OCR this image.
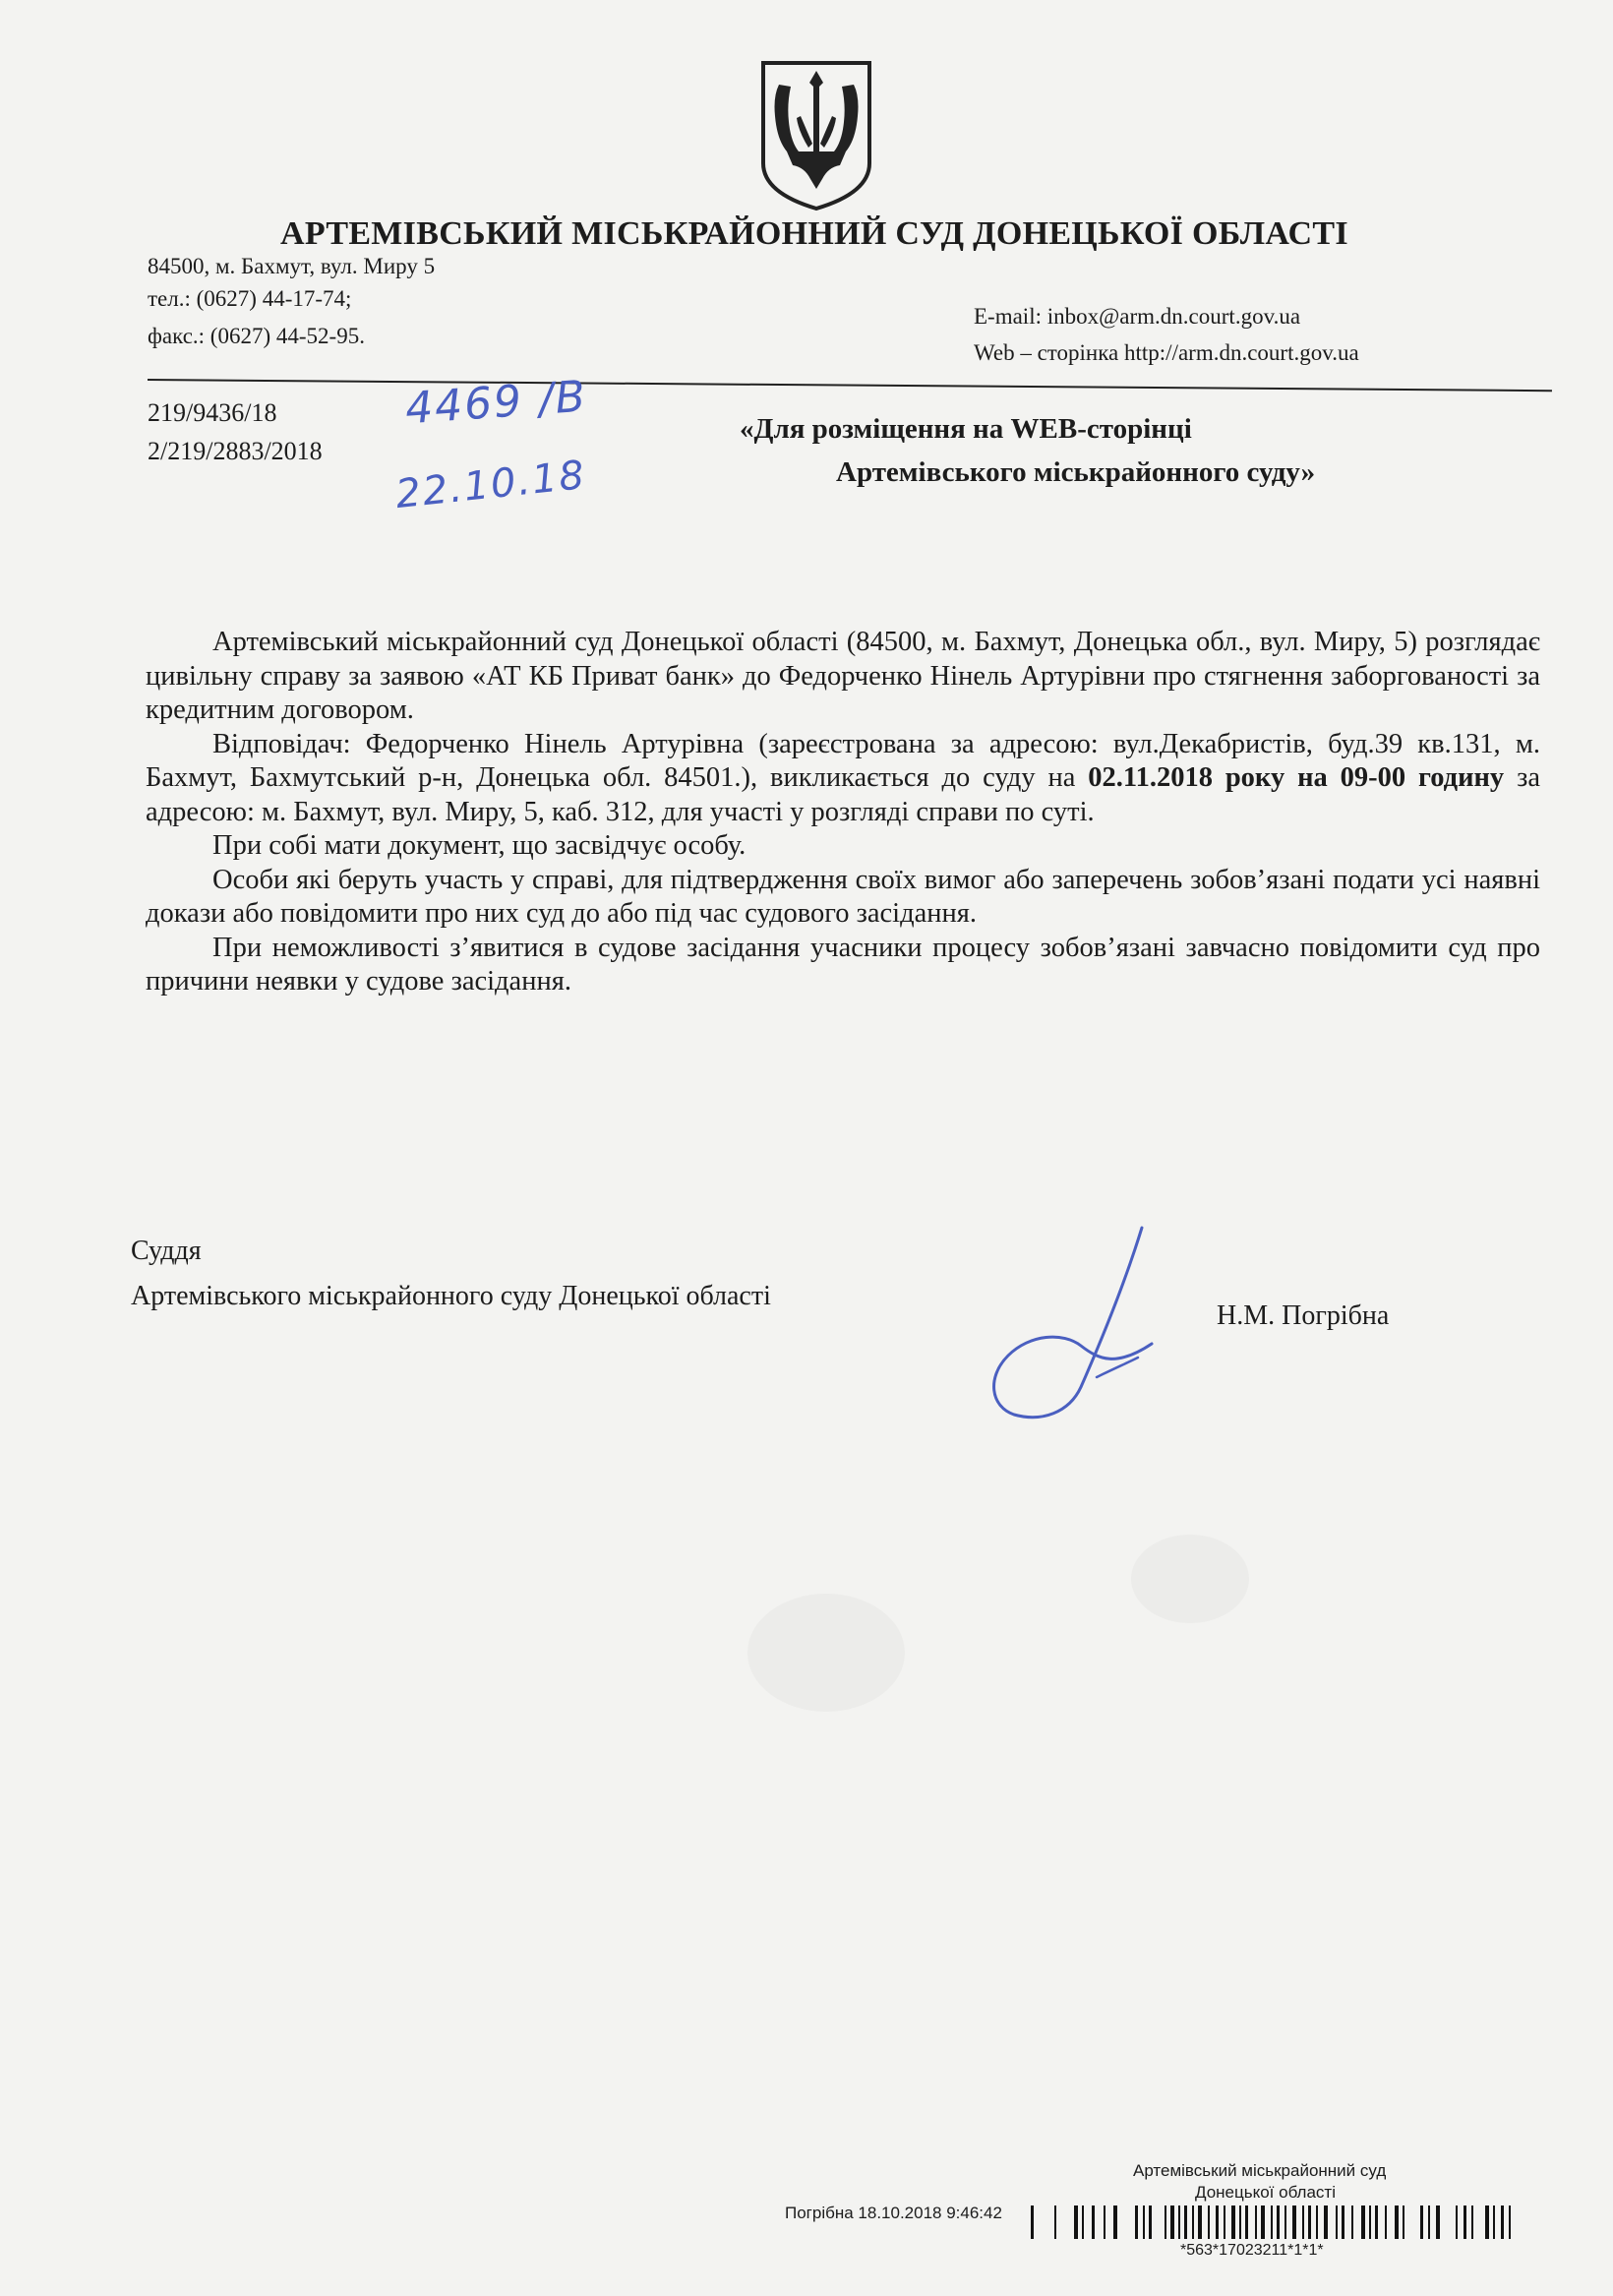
АРТЕМІВСЬКИЙ МІСЬКРАЙОННИЙ СУД ДОНЕЦЬКОЇ ОБЛАСТІ
84500, м. Бахмут, вул. Миру 5
тел.: (0627) 44-17-74;
факс.: (0627) 44-52-95.
E-mail: inbox@arm.dn.court.gov.ua
Web – сторінка http://arm.dn.court.gov.ua
219/9436/18
2/219/2883/2018
4469 /В
22.10.18
«Для розміщення на WEB-сторінці
Артемівського міськрайонного суду»

Артемівський міськрайонний суд Донецької області (84500, м. Бахмут, Донецька обл., вул. Миру, 5) розглядає цивільну справу за заявою «АТ КБ Приват банк» до Федорченко Нінель Артурівни про стягнення заборгованості за кредитним договором.

Відповідач: Федорченко Нінель Артурівна (зареєстрована за адресою: вул.Декабристів, буд.39 кв.131, м. Бахмут, Бахмутський р-н, Донецька обл. 84501.), викликається до суду на 02.11.2018 року на 09-00 годину за адресою: м. Бахмут, вул. Миру, 5, каб. 312, для участі у розгляді справи по суті.

При собі мати документ, що засвідчує особу.

Особи які беруть участь у справі, для підтвердження своїх вимог або заперечень зобов’язані подати усі наявні докази або повідомити про них суд до або під час судового засідання.

При неможливості з’явитися в судове засідання учасники процесу зобов’язані завчасно повідомити суд про причини неявки у судове засідання.

Суддя
Артемівського міськрайонного суду Донецької області
Н.М. Погрібна
Артемівський міськрайонний суд
Донецької області
Погрібна 18.10.2018 9:46:42
*563*17023211*1*1*
